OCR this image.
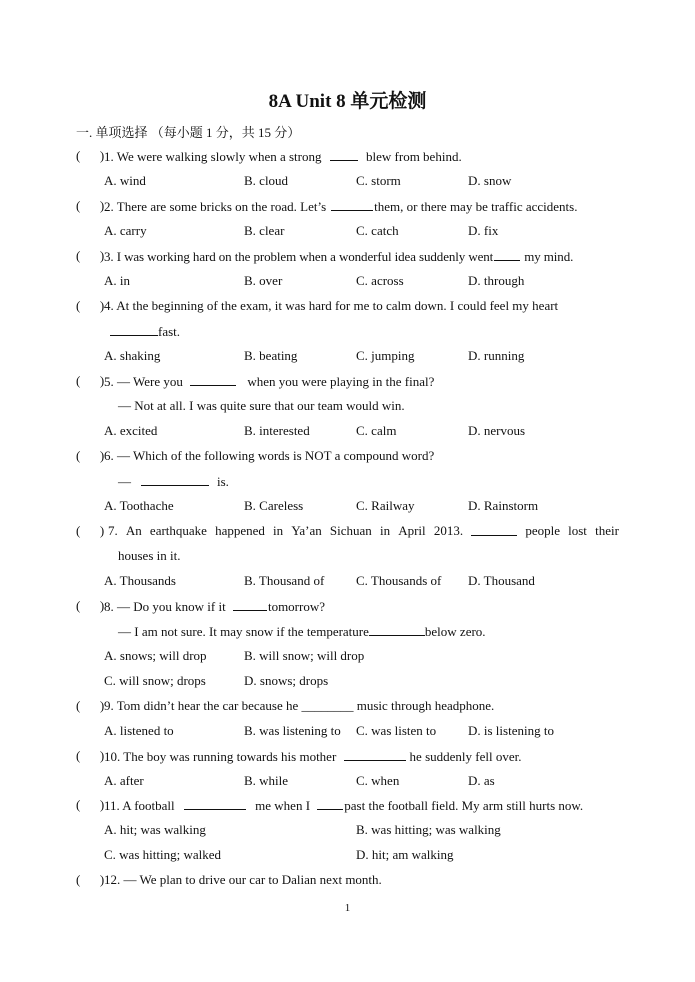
8A Unit 8 单元检测
一. 单项选择 （每小题 1 分，共 15 分）
(      ) 1. We were walking slowly when a strong	blew from behind.
A. wind	B. cloud	C. storm	D. snow
(      ) 2. There are some bricks on the road. Let’s	them, or there may be traffic accidents.
A. carry	B. clear	C. catch	D. fix
(      ) 3. I was working hard on the problem when a wonderful idea suddenly went my mind.
A. in	B. over	C. across	D. through
(      ) 4. At the beginning of the exam, it was hard for me to calm down. I could feel my heart
fast.
A. shaking	B. beating	C. jumping	D. running
(      ) 5. — Were you	when you were playing in the final?
— Not at all. I was quite sure that our team would win.
A. excited	B. interested	C. calm	D. nervous
(      ) 6. — Which of the following words is NOT a compound word?
—	is.
A. Toothache	B. Careless	C. Railway	D. Rainstorm
(      ) 7. An earthquake happened in Ya’an Sichuan in April 2013.	people lost their
houses in it.
A. Thousands	B. Thousand of C. Thousands of D. Thousand
(      ) 8. — Do you know if it	tomorrow?
— I am not sure. It may snow if the temperature	below zero.
A. snows; will drop	B. will snow; will drop
C. will snow; drops	D. snows; drops
(      ) 9. Tom didn’t hear the car because he ________ music through headphone.
A. listened to	B. was listening to C. was listen to D. is listening to
(      ) 10. The boy was running towards his mother	he suddenly fell over.
A. after	B. while	C. when	D. as
(      ) 11. A football	me when I	past the football field. My arm still hurts now.
A. hit; was walking	B. was hitting; was walking
C. was hitting; walked	D. hit; am walking
(      ) 12. — We plan to drive our car to Dalian next month.
1
